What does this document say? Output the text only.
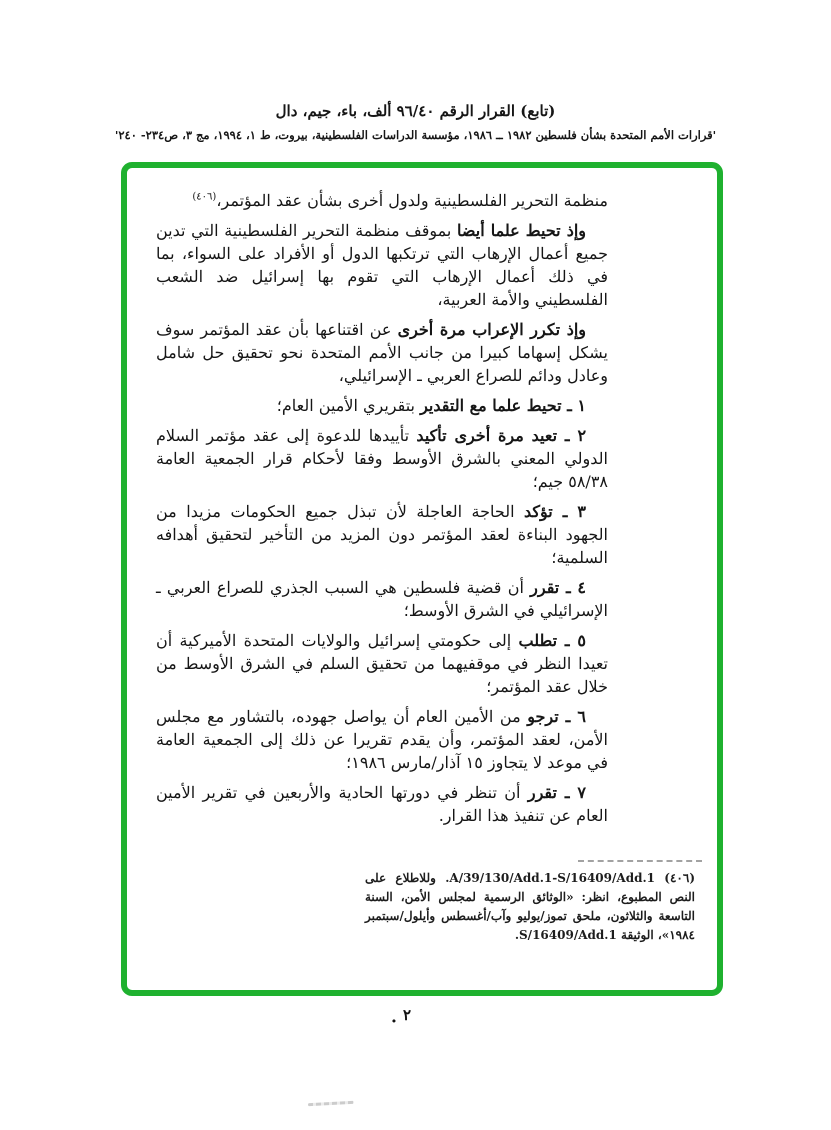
(تابع) القرار الرقم ٩٦/٤٠ ألف، باء، جيم، دال
'قرارات الأمم المتحدة بشأن فلسطين ١٩٨٢ ــ ١٩٨٦، مؤسسة الدراسات الفلسطينية، بيروت، ط ١، ١٩٩٤، مج ٣، ص٢٣٤- ٢٤٠'

منظمة التحرير الفلسطينية ولدول أخرى بشأن عقد المؤتمر،$^{(٤٠٦)}$

وإذ تحيط علما أيضا بموقف منظمة التحرير الفلسطينية التي تدين جميع أعمال الإرهاب التي ترتكبها الدول أو الأفراد على السواء، بما في ذلك أعمال الإرهاب التي تقوم بها إسرائيل ضد الشعب الفلسطيني والأمة العربية،

وإذ تكرر الإعراب مرة أخرى عن اقتناعها بأن عقد المؤتمر سوف يشكل إسهاما كبيرا من جانب الأمم المتحدة نحو تحقيق حل شامل وعادل ودائم للصراع العربي ـ الإسرائيلي،

١ ـ تحيط علما مع التقدير بتقريري الأمين العام؛

٢ ـ تعيد مرة أخرى تأكيد تأييدها للدعوة إلى عقد مؤتمر السلام الدولي المعني بالشرق الأوسط وفقا لأحكام قرار الجمعية العامة ٥٨/٣٨ جيم؛

٣ ـ تؤكد الحاجة العاجلة لأن تبذل جميع الحكومات مزيدا من الجهود البناءة لعقد المؤتمر دون المزيد من التأخير لتحقيق أهدافه السلمية؛

٤ ـ تقرر أن قضية فلسطين هي السبب الجذري للصراع العربي ـ الإسرائيلي في الشرق الأوسط؛

٥ ـ تطلب إلى حكومتي إسرائيل والولايات المتحدة الأميركية أن تعيدا النظر في موقفيهما من تحقيق السلم في الشرق الأوسط من خلال عقد المؤتمر؛

٦ ـ ترجو من الأمين العام أن يواصل جهوده، بالتشاور مع مجلس الأمن، لعقد المؤتمر، وأن يقدم تقريرا عن ذلك إلى الجمعية العامة في موعد لا يتجاوز ١٥ آذار/مارس ١٩٨٦؛

٧ ـ تقرر أن تنظر في دورتها الحادية والأربعين في تقرير الأمين العام عن تنفيذ هذا القرار.

(٤٠٦) A/39/130/Add.1-S/16409/Add.1. وللاطلاع على النص المطبوع، انظر: «الوثائق الرسمية لمجلس الأمن، السنة التاسعة والثلاثون، ملحق تموز/يوليو وآب/أغسطس وأيلول/سبتمبر ١٩٨٤»، الوثيقة S/16409/Add.1.
· ٢
